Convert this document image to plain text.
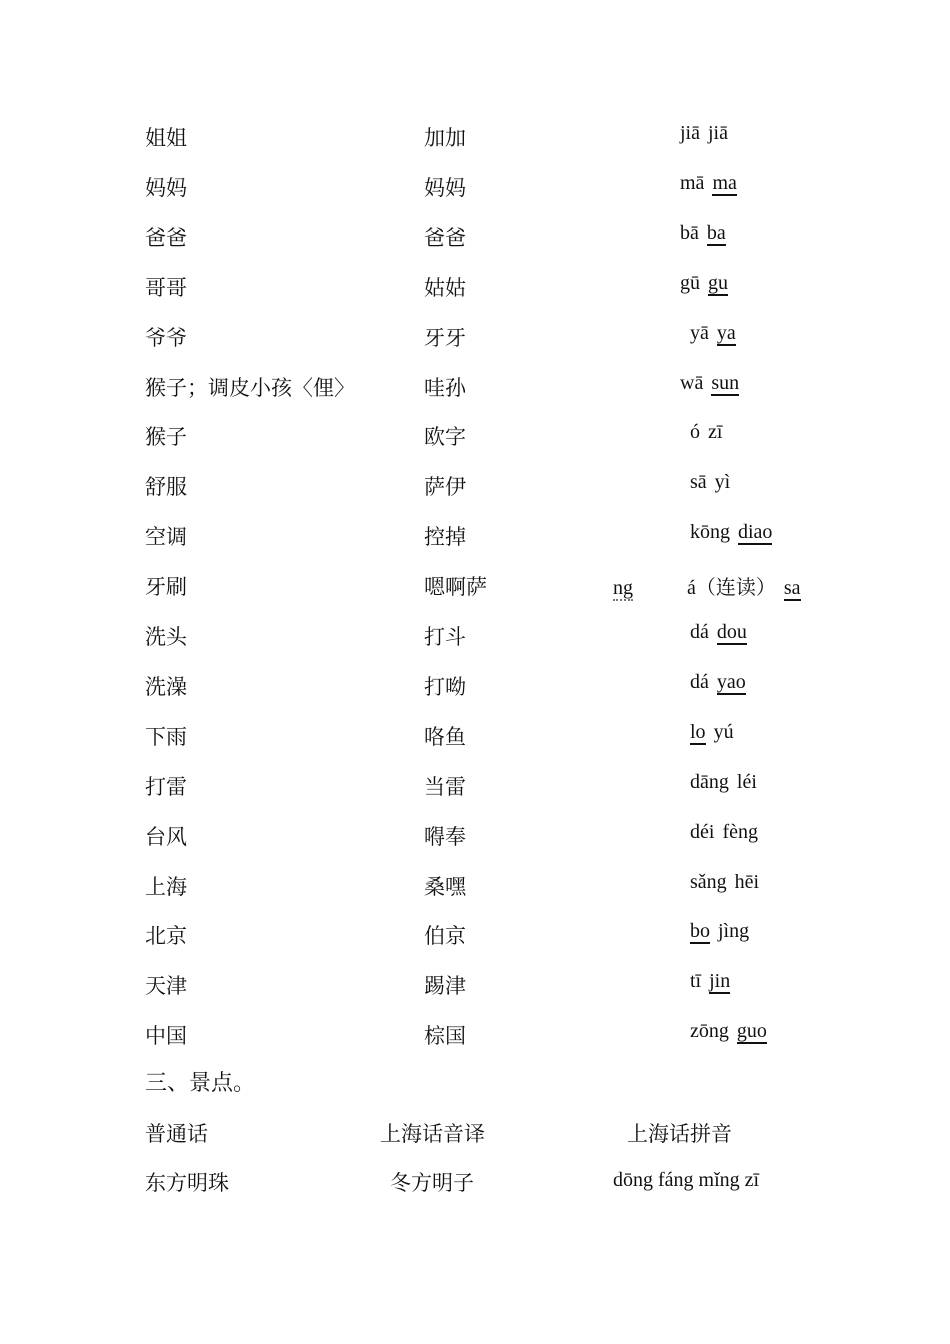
姐姐	加加	jiā jiā
妈妈	妈妈	mā ma
爸爸	爸爸	bā ba
哥哥	姑姑	gū gu
爷爷	牙牙	yā ya
猴子；调皮小孩〈俚〉	哇孙	wā sun
猴子	欧字	ó zī
舒服	萨伊	sā yì
空调	控掉	kōng diao
牙刷	嗯啊萨	ng	á（连读） sa
洗头	打斗	dá dou
洗澡	打呦	dá yao
下雨	咯鱼	lo yú
打雷	当雷	dāng léi
台风	嘚奉	déi fèng
上海	桑嘿	sǎng hēi
北京	伯京	bo jìng
天津	踢津	tī jin
中国	棕国	zōng guo
三、景点。
普通话	上海话音译	上海话拼音
东方明珠	冬方明子	dōng fáng mǐng zī
